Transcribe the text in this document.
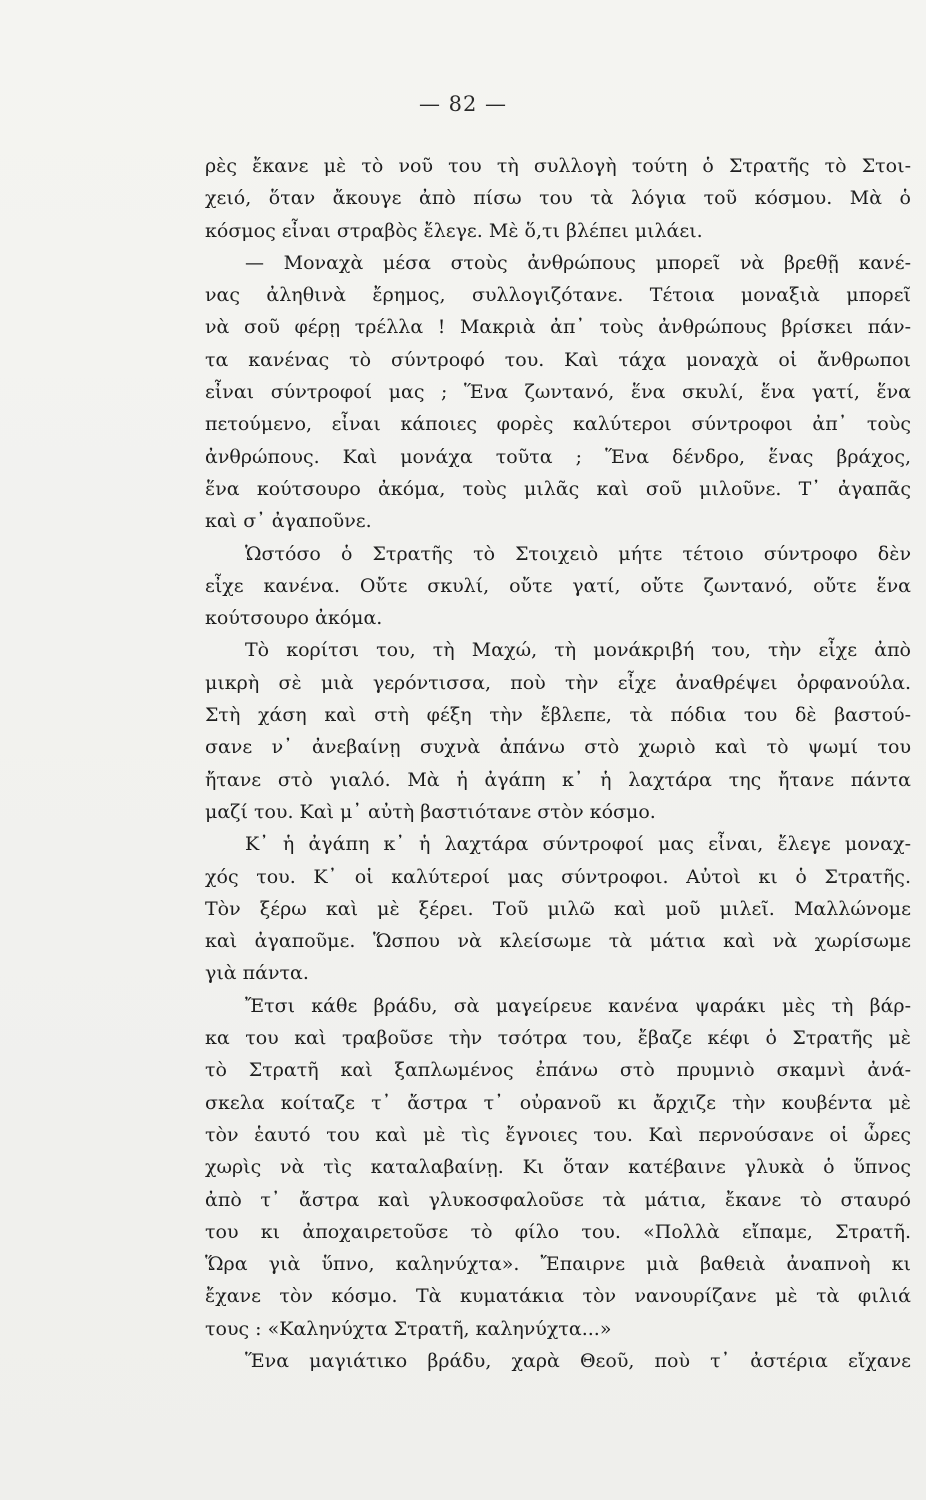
— 82 —
ρὲς ἔκανε μὲ τὸ νοῦ του τὴ συλλογὴ τούτη ὁ Στρατῆς τὸ Στοι-
χειό, ὅταν ἄκουγε ἀπὸ πίσω του τὰ λόγια τοῦ κόσμου. Μὰ ὁ
κόσμος εἶναι στραβὸς ἔλεγε. Μὲ ὅ,τι βλέπει μιλάει.
— Μοναχὰ μέσα στοὺς ἀνθρώπους μπορεῖ νὰ βρεθῇ κανέ-
νας ἀληθινὰ ἔρημος, συλλογιζότανε. Τέτοια μοναξιὰ μπορεῖ
νὰ σοῦ φέρῃ τρέλλα ! Μακριὰ ἀπ᾽ τοὺς ἀνθρώπους βρίσκει πάν-
τα κανένας τὸ σύντροφό του. Καὶ τάχα μοναχὰ οἱ ἄνθρωποι
εἶναι σύντροφοί μας ; Ἕνα ζωντανό, ἕνα σκυλί, ἕνα γατί, ἕνα
πετούμενο, εἶναι κάποιες φορὲς καλύτεροι σύντροφοι ἀπ᾽ τοὺς
ἀνθρώπους. Καὶ μονάχα τοῦτα ; Ἕνα δένδρο, ἕνας βράχος,
ἕνα κούτσουρο ἀκόμα, τοὺς μιλᾶς καὶ σοῦ μιλοῦνε. Τ᾽ ἀγαπᾶς
καὶ σ᾽ ἀγαποῦνε.
Ὡστόσο ὁ Στρατῆς τὸ Στοιχειὸ μήτε τέτοιο σύντροφο δὲν
εἶχε κανένα. Οὔτε σκυλί, οὔτε γατί, οὔτε ζωντανό, οὔτε ἕνα
κούτσουρο ἀκόμα.
Τὸ κορίτσι του, τὴ Μαχώ, τὴ μονάκριβή του, τὴν εἶχε ἀπὸ
μικρὴ σὲ μιὰ γερόντισσα, ποὺ τὴν εἶχε ἀναθρέψει ὀρφανούλα.
Στὴ χάση καὶ στὴ φέξη τὴν ἔβλεπε, τὰ πόδια του δὲ βαστού-
σανε ν᾽ ἀνεβαίνῃ συχνὰ ἀπάνω στὸ χωριὸ καὶ τὸ ψωμί του
ἤτανε στὸ γιαλό. Μὰ ἡ ἀγάπη κ᾽ ἡ λαχτάρα της ἤτανε πάντα
μαζί του. Καὶ μ᾽ αὐτὴ βαστιότανε στὸν κόσμο.
Κ᾽ ἡ ἀγάπη κ᾽ ἡ λαχτάρα σύντροφοί μας εἶναι, ἔλεγε μοναχ-
χός του. Κ᾽ οἱ καλύτεροί μας σύντροφοι. Αὐτοὶ κι ὁ Στρατῆς.
Τὸν ξέρω καὶ μὲ ξέρει. Τοῦ μιλῶ καὶ μοῦ μιλεῖ. Μαλλώνομε
καὶ ἀγαποῦμε. Ὥσπου νὰ κλείσωμε τὰ μάτια καὶ νὰ χωρίσωμε
γιὰ πάντα.
Ἔτσι κάθε βράδυ, σὰ μαγείρευε κανένα ψαράκι μὲς τὴ βάρ-
κα του καὶ τραβοῦσε τὴν τσότρα του, ἔβαζε κέφι ὁ Στρατῆς μὲ
τὸ Στρατῆ καὶ ξαπλωμένος ἐπάνω στὸ πρυμνιὸ σκαμνὶ ἀνά-
σκελα κοίταζε τ᾽ ἄστρα τ᾽ οὐρανοῦ κι ἄρχιζε τὴν κουβέντα μὲ
τὸν ἑαυτό του καὶ μὲ τὶς ἔγνοιες του. Καὶ περνούσανε οἱ ὧρες
χωρὶς νὰ τὶς καταλαβαίνῃ. Κι ὅταν κατέβαινε γλυκὰ ὁ ὕπνος
ἀπὸ τ᾽ ἄστρα καὶ γλυκοσφαλοῦσε τὰ μάτια, ἔκανε τὸ σταυρό
του κι ἀποχαιρετοῦσε τὸ φίλο του. «Πολλὰ εἴπαμε, Στρατῆ.
Ὥρα γιὰ ὕπνο, καληνύχτα». Ἔπαιρνε μιὰ βαθειὰ ἀναπνοὴ κι
ἔχανε τὸν κόσμο. Τὰ κυματάκια τὸν νανουρίζανε μὲ τὰ φιλιά
τους : «Καληνύχτα Στρατῆ, καληνύχτα...»
Ἕνα μαγιάτικο βράδυ, χαρὰ Θεοῦ, ποὺ τ᾽ ἀστέρια εἴχανε
